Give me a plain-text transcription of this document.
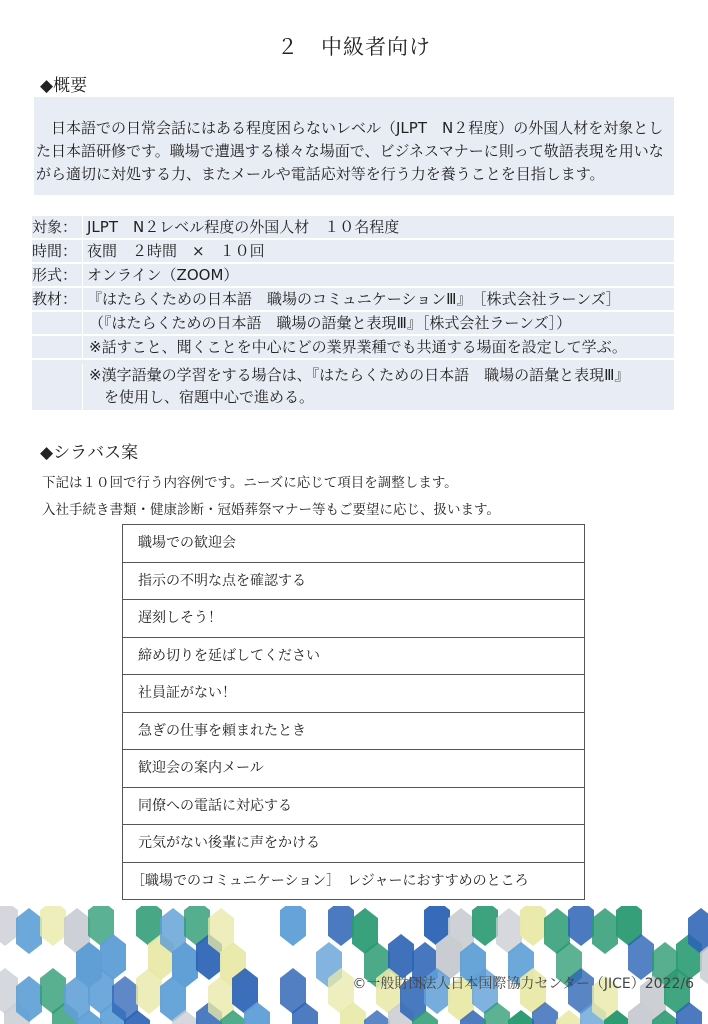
２　中級者向け
◆概要

　日本語での日常会話にはある程度困らないレベル（JLPT　N２程度）の外国人材を対象とした日本語研修です。職場で遭遇する様々な場面で、ビジネスマナーに則って敬語表現を用いながら適切に対処する力、またメールや電話応対等を行う力を養うことを目指します。

対象： JLPT　N２レベル程度の外国人材　１０名程度
時間： 夜間　２時間　×　１０回
形式： オンライン（ZOOM）
教材： 『はたらくための日本語　職場のコミュニケーションⅢ』　［株式会社ラーンズ］
（『はたらくための日本語　職場の語彙と表現Ⅲ』［株式会社ラーンズ］）
※話すこと、聞くことを中心にどの業界業種でも共通する場面を設定して学ぶ。
※漢字語彙の学習をする場合は、『はたらくための日本語　職場の語彙と表現Ⅲ』
　を使用し、宿題中心で進める。
◆シラバス案
下記は１０回で行う内容例です。ニーズに応じて項目を調整します。
入社手続き書類・健康診断・冠婚葬祭マナー等もご要望に応じ、扱います。
職場での歓迎会
指示の不明な点を確認する
遅刻しそう！
締め切りを延ばしてください
社員証がない！
急ぎの仕事を頼まれたとき
歓迎会の案内メール
同僚への電話に対応する
元気がない後輩に声をかける
［職場でのコミュニケーション］　レジャーにおすすめのところ
©一般財団法人日本国際協力センター（JICE）2022/6
